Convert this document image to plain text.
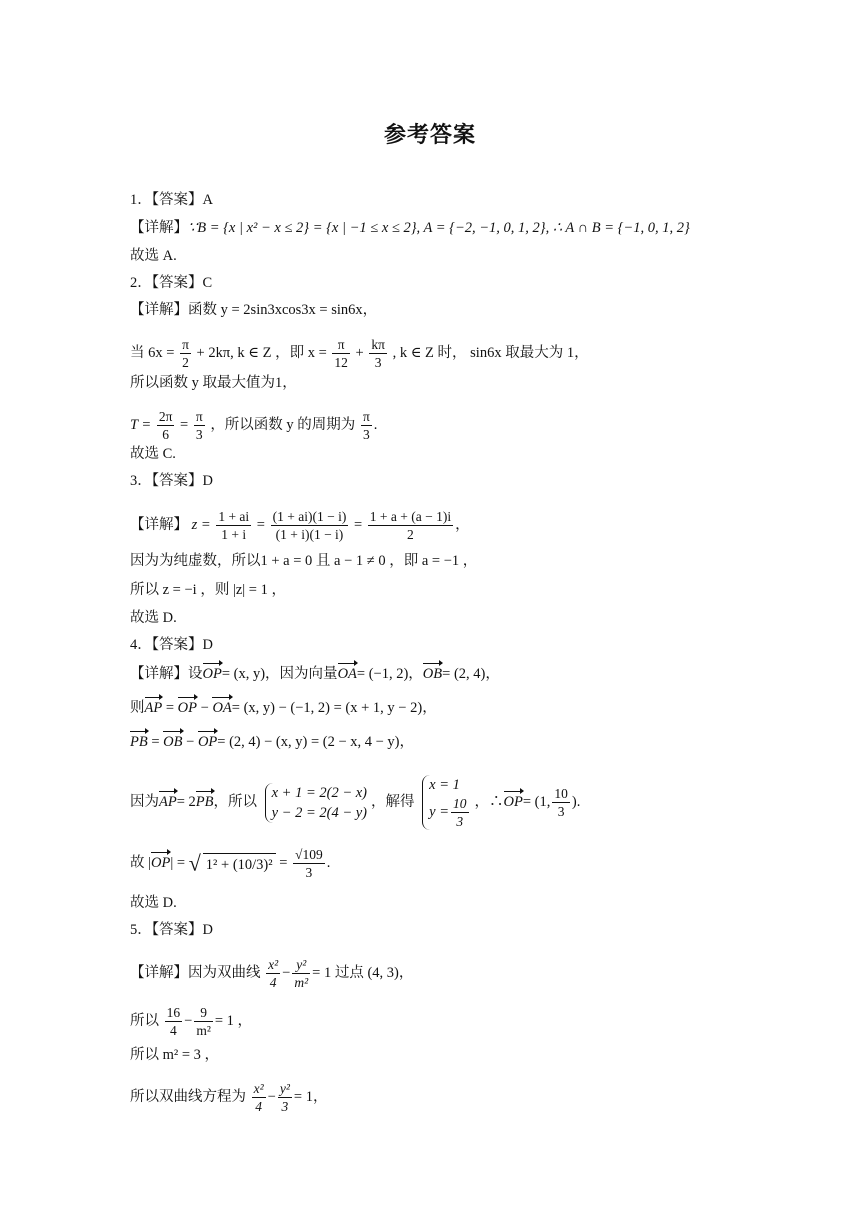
参考答案
1．【答案】A
【详解】∵B = {x | x² − x ≤ 2} = {x | −1 ≤ x ≤ 2}, A = {−2, −1, 0, 1, 2}, ∴ A ∩ B = {−1, 0, 1, 2}
故选 A.
2．【答案】C
【详解】函数 y = 2sin3xcos3x = sin6x，
当 $6x = \frac{\pi}{2} + 2k\pi$, k ∈ Z ，即 $x = \frac{\pi}{12} + \frac{k\pi}{3}$ , k ∈ Z 时， sin6x 取最大为 1，
所以函数 y 取最大值为1，
$T = \frac{2\pi}{6} = \frac{\pi}{3}$ ，所以函数 y 的周期为 $\frac{\pi}{3}$ .
故选 C.
3．【答案】D
【详解】 $z = \frac{1 + ai}{1 + i} = \frac{(1 + ai)(1 - i)}{(1 + i)(1 - i)} = \frac{1 + a + (a - 1)i}{2}$ ，
因为为纯虚数，所以1 + a = 0 且 a − 1 ≠ 0 ，即 a = −1 ，
所以 z = −i ，则 |z| = 1 ，
故选 D.
4．【答案】D
【详解】设OP= (x, y)，因为向量OA= (−1, 2)，OB= (2, 4)，
则AP = OP − OA= (x, y) − (−1, 2) = (x + 1, y − 2)，
PB = OB − OP= (2, 4) − (x, y) = (2 − x, 4 − y)，
因为AP= 2PB，所以
x + 1 = 2(2 − x)
y − 2 = 2(4 − y)
，解得
x = 1
$y = \frac{10}{3}$ ，∴OP= (1, $\frac{10}{3}$ ).
故 |OP| = √ $1^2 + (10/3)^2 = \frac{√109}{3}$ .
故选 D.
5．【答案】D
【详解】因为双曲线 $\frac{\text{x²}}{4} - \frac{\text{y²}}{\text{m²}} = 1$ 过点 (4, 3)，
所以 $\frac{16}{4} - \frac{9}{\text{m²}} = 1$ ，
所以 m² = 3 ，
所以双曲线方程为 $\frac{\text{x²}}{4} - \frac{\text{y²}}{3} = 1$，
